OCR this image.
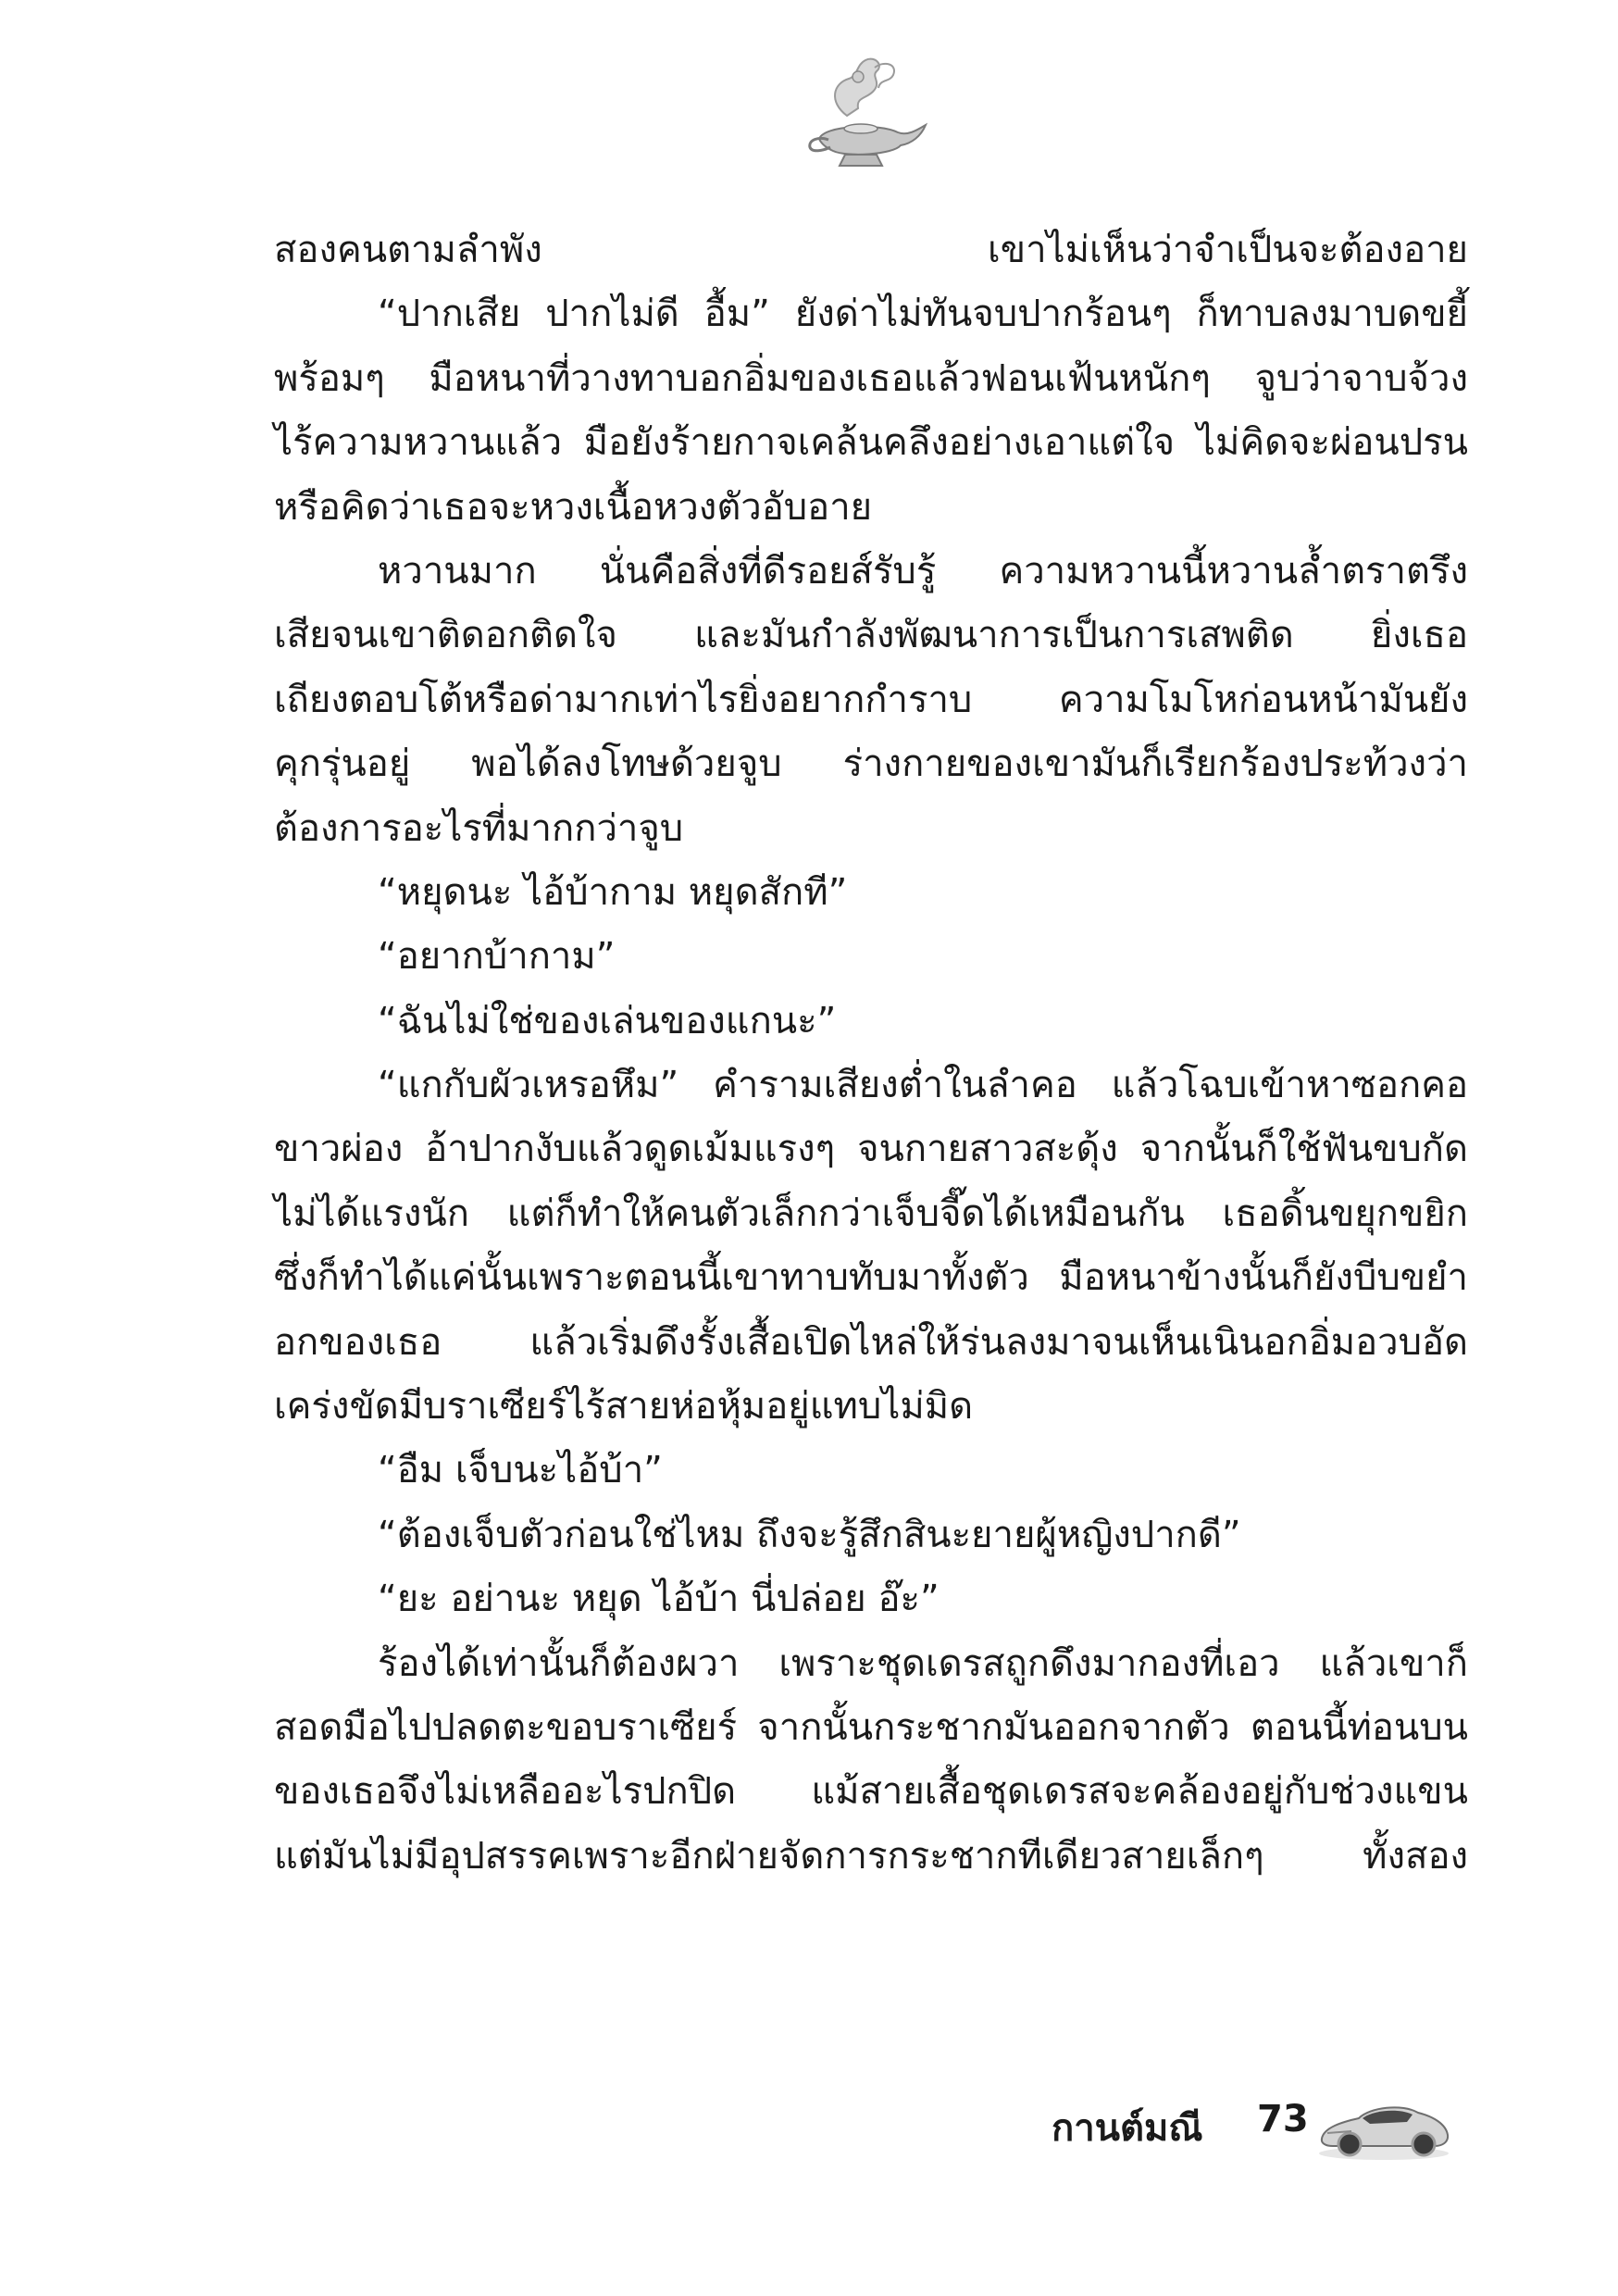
สองคนตามลำพัง	เขาไม่เห็นว่าจำเป็นจะต้องอาย
“ปากเสีย ปากไม่ดี อื้ม” ยังด่าไม่ทันจบปากร้อนๆ ก็ทาบลงมาบดขยี้
พร้อมๆ มือหนาที่วางทาบอกอิ่มของเธอแล้วฟอนเฟ้นหนักๆ จูบว่าจาบจ้วง
ไร้ความหวานแล้ว มือยังร้ายกาจเคล้นคลึงอย่างเอาแต่ใจ ไม่คิดจะผ่อนปรน
หรือคิดว่าเธอจะหวงเนื้อหวงตัวอับอาย
หวานมาก นั่นคือสิ่งที่ดีรอยส์รับรู้ ความหวานนี้หวานล้ำตราตรึง
เสียจนเขาติดอกติดใจ และมันกำลังพัฒนาการเป็นการเสพติด ยิ่งเธอ
เถียงตอบโต้หรือด่ามากเท่าไรยิ่งอยากกำราบ ความโมโหก่อนหน้ามันยัง
คุกรุ่นอยู่ พอได้ลงโทษด้วยจูบ ร่างกายของเขามันก็เรียกร้องประท้วงว่า
ต้องการอะไรที่มากกว่าจูบ
“หยุดนะ ไอ้บ้ากาม หยุดสักที”
“อยากบ้ากาม”
“ฉันไม่ใช่ของเล่นของแกนะ”
“แกกับผัวเหรอหึม” คำรามเสียงต่ำในลำคอ แล้วโฉบเข้าหาซอกคอ
ขาวผ่อง อ้าปากงับแล้วดูดเม้มแรงๆ จนกายสาวสะดุ้ง จากนั้นก็ใช้ฟันขบกัด
ไม่ได้แรงนัก แต่ก็ทำให้คนตัวเล็กกว่าเจ็บจี๊ดได้เหมือนกัน เธอดิ้นขยุกขยิก
ซึ่งก็ทำได้แค่นั้นเพราะตอนนี้เขาทาบทับมาทั้งตัว มือหนาข้างนั้นก็ยังบีบขยำ
อกของเธอ แล้วเริ่มดึงรั้งเสื้อเปิดไหล่ให้ร่นลงมาจนเห็นเนินอกอิ่มอวบอัด
เคร่งขัดมีบราเซียร์ไร้สายห่อหุ้มอยู่แทบไม่มิด
“อืม เจ็บนะไอ้บ้า”
“ต้องเจ็บตัวก่อนใช่ไหม ถึงจะรู้สึกสินะยายผู้หญิงปากดี”
“ยะ อย่านะ หยุด ไอ้บ้า นี่ปล่อย อ๊ะ”
ร้องได้เท่านั้นก็ต้องผวา เพราะชุดเดรสถูกดึงมากองที่เอว แล้วเขาก็
สอดมือไปปลดตะขอบราเซียร์ จากนั้นกระชากมันออกจากตัว ตอนนี้ท่อนบน
ของเธอจึงไม่เหลืออะไรปกปิด แม้สายเสื้อชุดเดรสจะคล้องอยู่กับช่วงแขน
แต่มันไม่มีอุปสรรคเพราะอีกฝ่ายจัดการกระชากทีเดียวสายเล็กๆ	ทั้งสอง
กานต์มณี 73
